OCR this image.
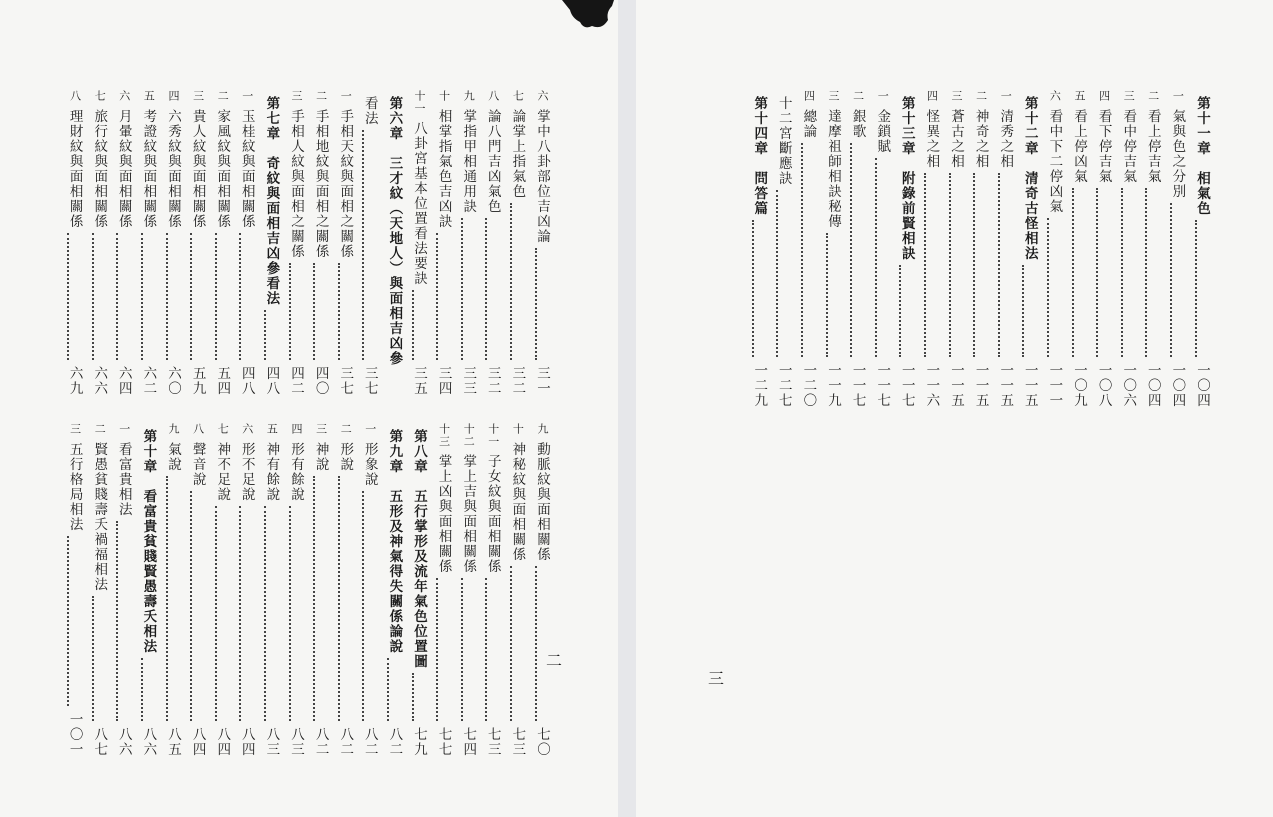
六
掌中八卦部位吉凶論
三一
七
論掌上指氣色
三二
八
論八門吉凶氣色
三二
九
掌指甲相通用訣
三三
十
相掌指氣色吉凶訣
三四
十一
八卦宮基本位置看法要訣
三五
第六章　三才紋（天地人）與面相吉凶參
看法
三七
一
手相天紋與面相之關係
三七
二
手相地紋與面相之關係
四〇
三
手相人紋與面相之關係
四二
第七章　奇紋與面相吉凶參看法
四八
一
玉桂紋與面相關係
四八
二
家風紋與面相關係
五四
三
貴人紋與面相關係
五九
四
六秀紋與面相關係
六〇
五
考證紋與面相關係
六二
六
月暈紋與面相關係
六四
七
旅行紋與面相關係
六六
八
理財紋與面相關係
六九
九
動脈紋與面相關係
七〇
十
神秘紋與面相關係
七三
十一
子女紋與面相關係
七三
十二
掌上吉與面相關係
七四
十三
掌上凶與面相關係
七七
第八章　五行掌形及流年氣色位置圖
七九
第九章　五形及神氣得失關係論說
八二
一
形象說
八二
二
形說
八二
三
神說
八二
四
形有餘說
八三
五
神有餘說
八三
六
形不足說
八四
七
神不足說
八四
八
聲音說
八四
九
氣說
八五
第十章　看富貴貧賤賢愚壽夭相法
八六
一
看富貴相法
八六
二
賢愚貧賤壽夭禍福相法
八七
三
五行格局相法
一〇一
二
第十一章　相氣色
一〇四
一
氣與色之分別
一〇四
二
看上停吉氣
一〇四
三
看中停吉氣
一〇六
四
看下停吉氣
一〇八
五
看上停凶氣
一〇九
六
看中下二停凶氣
一一一
第十二章　清奇古怪相法
一一五
一
清秀之相
一一五
二
神奇之相
一一五
三
蒼古之相
一一五
四
怪異之相
一一六
第十三章　附錄前賢相訣
一一七
一
金鎖賦
一一七
二
銀歌
一一七
三
達摩祖師相訣秘傳
一一九
四
總論
一二〇
十二宮斷應訣
一二七
第十四章　問答篇
一二九
三
